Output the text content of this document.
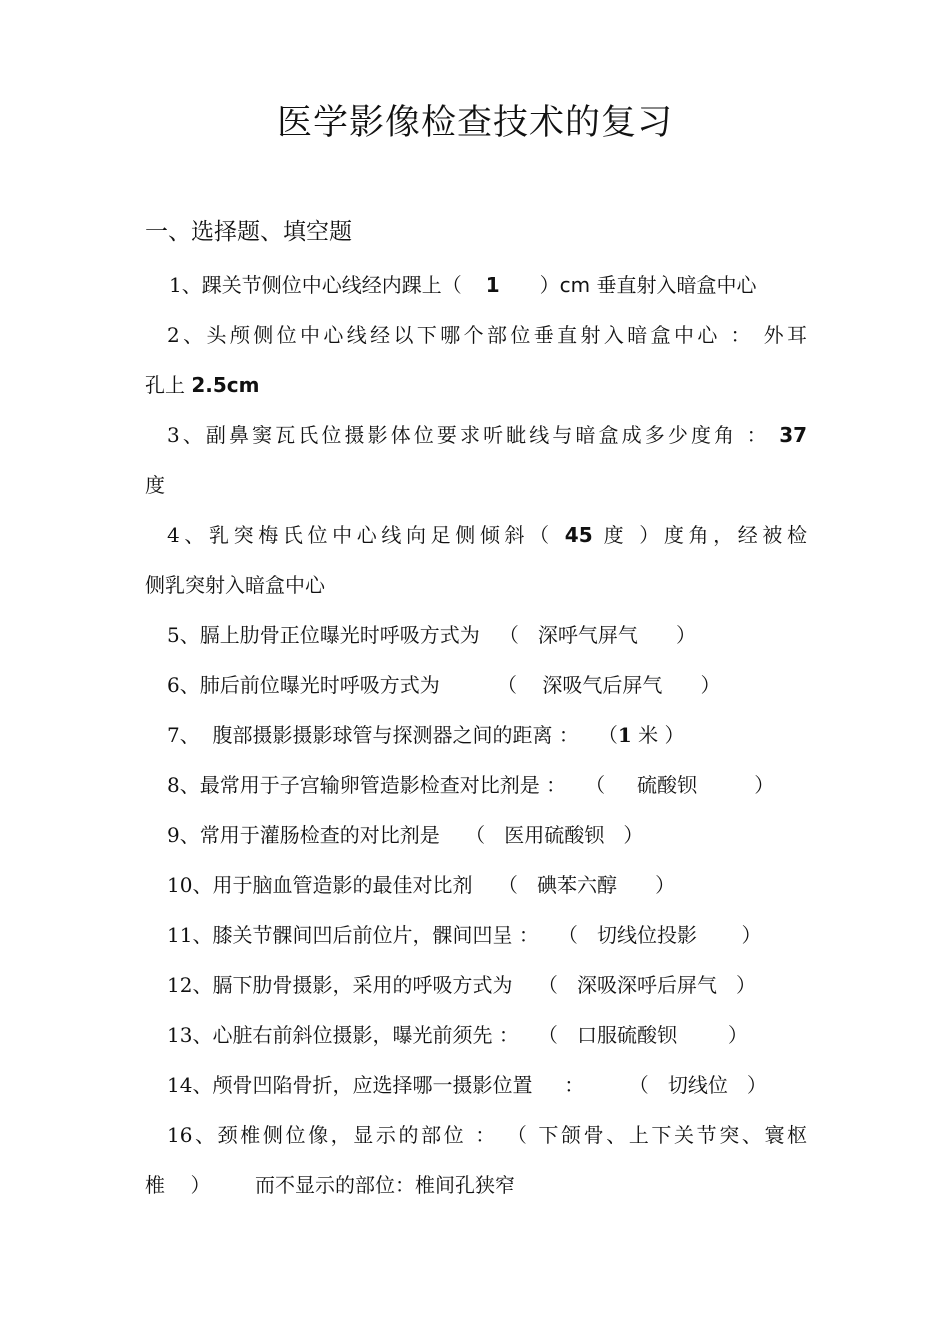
医学影像检查技术的复习
一、选择题、填空题
1、踝关节侧位中心线经内踝上（ 1 ）cm 垂直射入暗盒中心
2、头颅侧位中心线经以下哪个部位垂直射入暗盒中心 ： 外耳
孔上 2.5cm
3、副鼻窦瓦氏位摄影体位要求听眦线与暗盒成多少度角 ： 37
度
4、乳突梅氏位中心线向足侧倾斜（ 45 度 ）度角，经被检
侧乳突射入暗盒中心
5、膈上肋骨正位曝光时呼吸方式为 （ 深呼气屏气 ）
6、肺后前位曝光时呼吸方式为	（ 深吸气后屏气 ）
7、 腹部摄影摄影球管与探测器之间的距离 ： （1 米 ）
8、最常用于子宫输卵管造影检查对比剂是 ： （ 硫酸钡	）
9、常用于灌肠检查的对比剂是 （ 医用硫酸钡 ）
10、用于脑血管造影的最佳对比剂 （ 碘苯六醇 ）
11、膝关节髁间凹后前位片，髁间凹呈 ： （ 切线位投影 ）
12、膈下肋骨摄影，采用的呼吸方式为 （ 深吸深呼后屏气 ）
13、心脏右前斜位摄影，曝光前须先 ： （ 口服硫酸钡	）
14、颅骨凹陷骨折，应选择哪一摄影位置 ： （ 切线位 ）
16、颈椎侧位像，显示的部位 ： （ 下颌骨、上下关节突、寰枢
椎 ） 而不显示的部位：椎间孔狭窄
